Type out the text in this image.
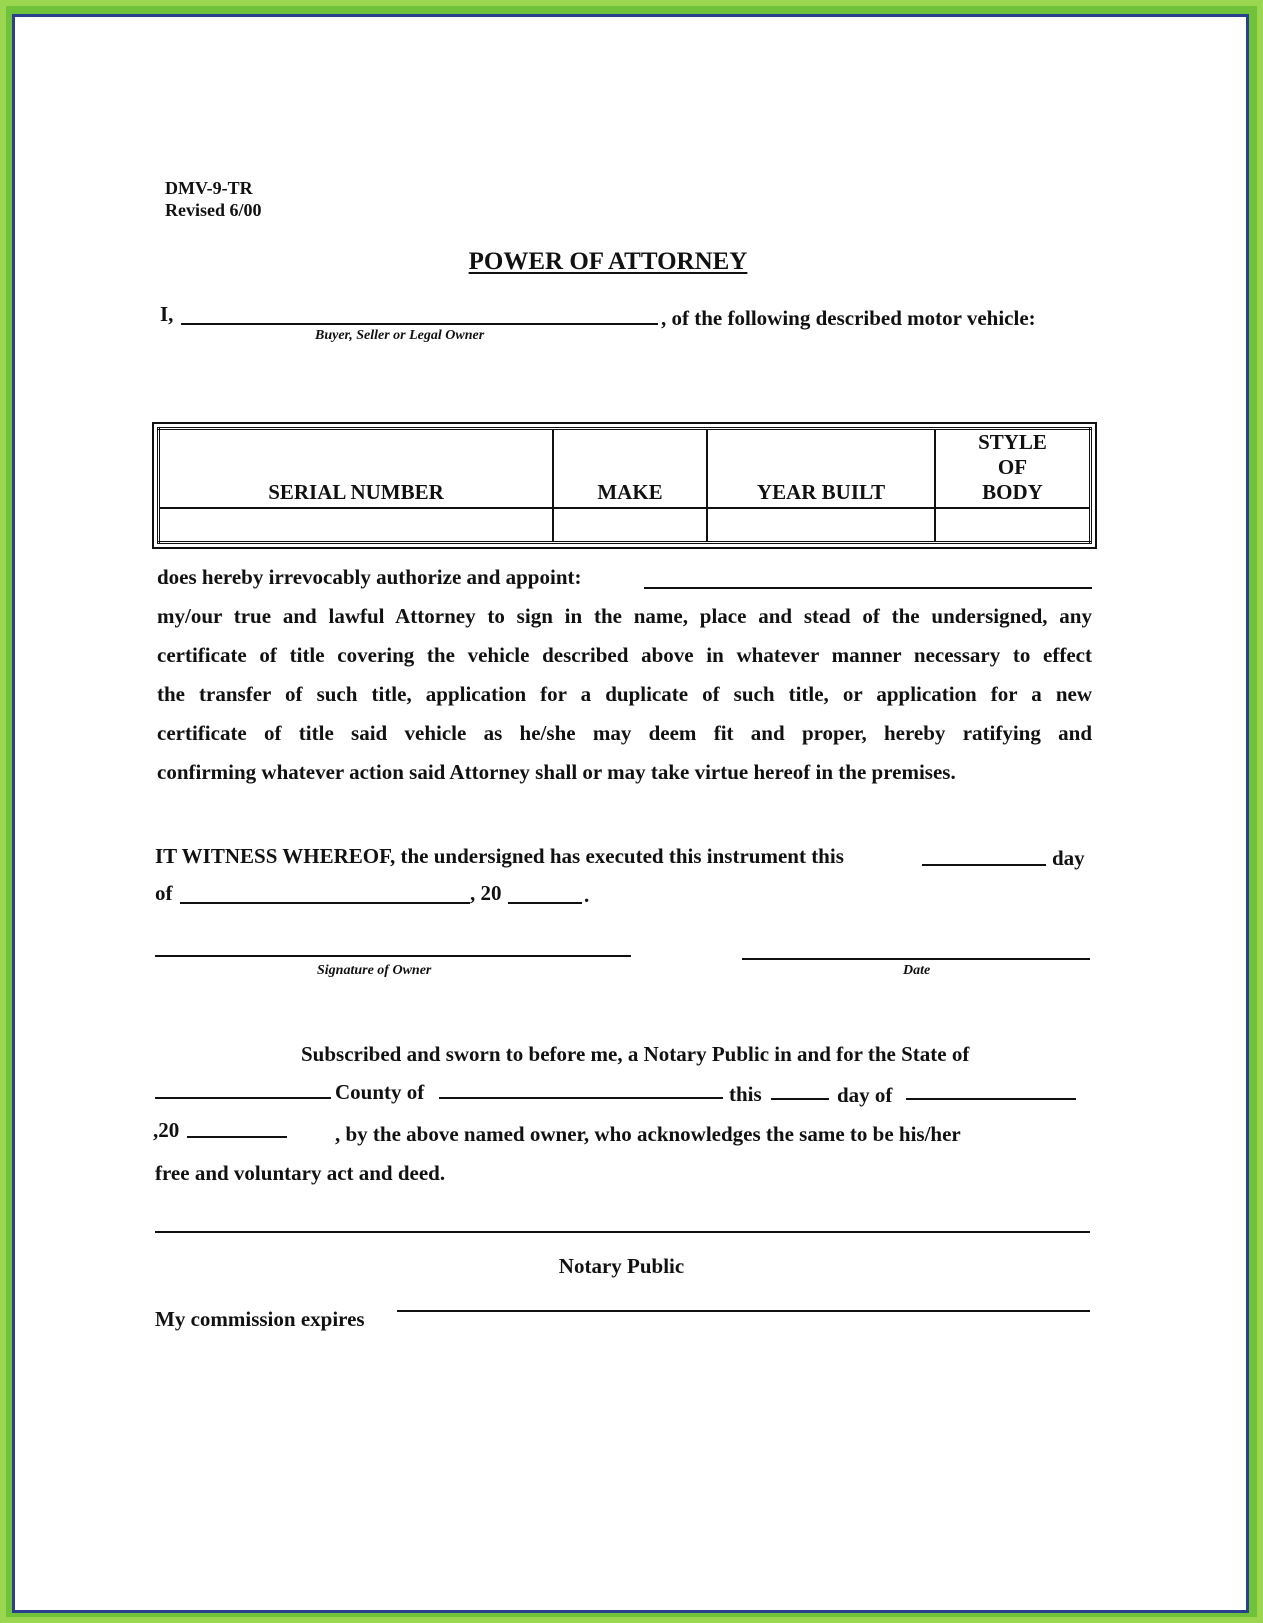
DMV-9-TR
Revised 6/00
POWER OF ATTORNEY
I,	, of the following described motor vehicle:
Buyer, Seller or Legal Owner
SERIAL NUMBER	MAKE	YEAR BUILT	STYLE OF BODY

does hereby irrevocably authorize and appoint:
my/our true and lawful Attorney to sign in the name, place and stead of the undersigned, any
certificate of title covering the vehicle described above in whatever manner necessary to effect
the transfer of such title, application for a duplicate of such title, or application for a new
certificate of title said vehicle as he/she may deem fit and proper, hereby ratifying and
confirming whatever action said Attorney shall or may take virtue hereof in the premises.
IT WITNESS WHEREOF, the undersigned has executed this instrument this	day
of	, 20	.
Signature of Owner	Date
Subscribed and sworn to before me, a Notary Public in and for the State of
County of	this	day of
,20	, by the above named owner, who acknowledges the same to be his/her
free and voluntary act and deed.
Notary Public
My commission expires
